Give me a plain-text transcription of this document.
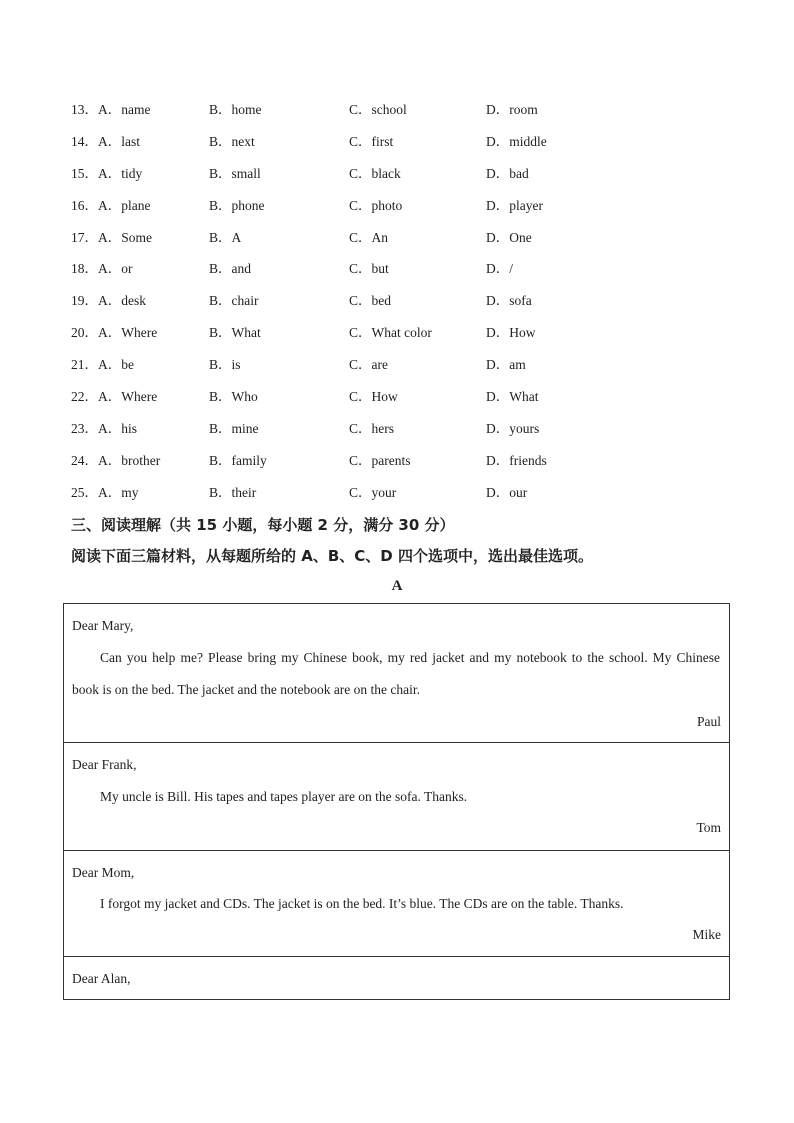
13．A．name	B．home	C．school	D．room
14．A．last	B．next	C．first	D．middle
15．A．tidy	B．small	C．black	D．bad
16．A．plane	B．phone	C．photo	D．player
17．A．Some	B．A	C．An	D．One
18．A．or	B．and	C．but	D．/
19．A．desk	B．chair	C．bed	D．sofa
20．A．Where	B．What	C．What color	D．How
21．A．be	B．is	C．are	D．am
22．A．Where	B．Who	C．How	D．What
23．A．his	B．mine	C．hers	D．yours
24．A．brother	B．family	C．parents	D．friends
25．A．my	B．their	C．your	D．our
三、阅读理解（共 15 小题，每小题 2 分，满分 30 分）
阅读下面三篇材料，从每题所给的 A、B、C、D 四个选项中，选出最佳选项。
A
Dear Mary,
Can you help me? Please bring my Chinese book, my red jacket and my notebook to the school. My Chinese
book is on the bed. The jacket and the notebook are on the chair.
Paul
Dear Frank,
My uncle is Bill. His tapes and tapes player are on the sofa. Thanks.
Tom
Dear Mom,
I forgot my jacket and CDs. The jacket is on the bed. It’s blue. The CDs are on the table. Thanks.
Mike
Dear Alan,
